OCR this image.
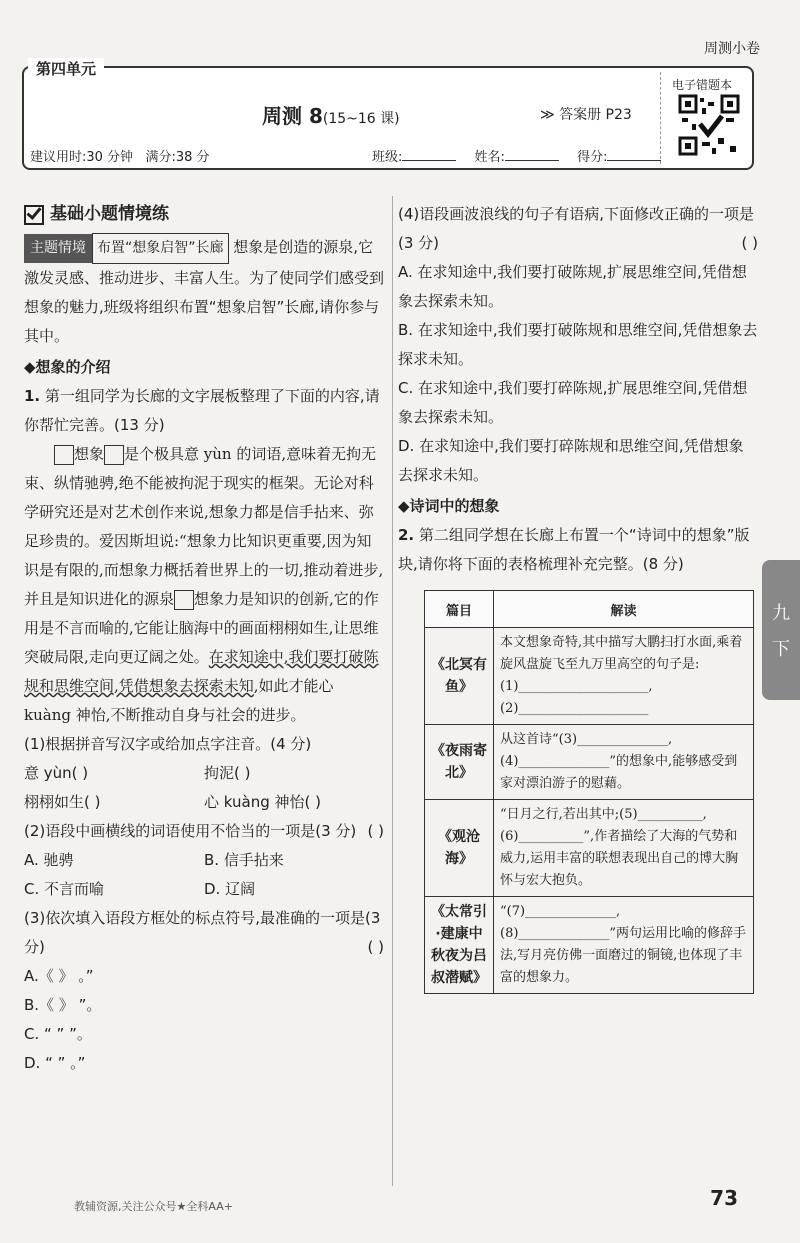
周测小卷
第四单元
周测 8(15~16 课)	≫ 答案册 P23
电子错题本
建议用时:30 分钟 满分:38 分	班级:	姓名:	得分:
基础小题情境练
主题情境 布置“想象启智”长廊 想象是创造的源泉,它激发灵感、推动进步、丰富人生。为了使同学们感受到想象的魅力,班级将组织布置“想象启智”长廊,请你参与其中。
◆想象的介绍
1. 第一组同学为长廊的文字展板整理了下面的内容,请你帮忙完善。(13 分)
想象 是个极具意 yùn 的词语,意味着无拘无束、纵情驰骋,绝不能被拘泥于现实的框架。无论对科学研究还是对艺术创作来说,想象力都是信手拈来、弥足珍贵的。爱因斯坦说:“想象力比知识更重要,因为知识是有限的,而想象力概括着世界上的一切,推动着进步,并且是知识进化的源泉 想象力是知识的创新,它的作用是不言而喻的,它能让脑海中的画面栩栩如生,让思维突破局限,走向更辽阔之处。在求知途中,我们要打破陈规和思维空间,凭借想象去探索未知,如此才能心 kuàng 神怡,不断推动自身与社会的进步。
(1)根据拼音写汉字或给加点字注音。(4 分)
意 yùn( )	拘泥( )
栩栩如生( )	心 kuàng 神怡( )
(2)语段中画横线的词语使用不恰当的一项是(3 分) ( )
A. 驰骋	B. 信手拈来
C. 不言而喻	D. 辽阔
(3)依次填入语段方框处的标点符号,最准确的一项是(3 分)	( )
A.《 》 。”
B.《 》 ”。
C. “ ” ”。
D. “ ” 。”
(4)语段画波浪线的句子有语病,下面修改正确的一项是(3 分)	( )
A. 在求知途中,我们要打破陈规,扩展思维空间,凭借想象去探索未知。
B. 在求知途中,我们要打破陈规和思维空间,凭借想象去探求未知。
C. 在求知途中,我们要打碎陈规,扩展思维空间,凭借想象去探索未知。
D. 在求知途中,我们要打碎陈规和思维空间,凭借想象去探求未知。
◆诗词中的想象
2. 第二组同学想在长廊上布置一个“诗词中的想象”版块,请你将下面的表格梳理补充完整。(8 分)
篇目	解读
《北冥有鱼》	本文想象奇特,其中描写大鹏扫打水面,乘着旋风盘旋飞至九万里高空的句子是:(1)____________________,(2)____________________
《夜雨寄北》	从这首诗“(3)______________,(4)______________”的想象中,能够感受到家对漂泊游子的慰藉。
《观沧海》	“日月之行,若出其中;(5)__________,(6)__________”,作者描绘了大海的气势和威力,运用丰富的联想表现出自己的博大胸怀与宏大抱负。
《太常引·建康中秋夜为吕叔潜赋》	“(7)______________,(8)______________”两句运用比喻的修辞手法,写月亮仿佛一面磨过的铜镜,也体现了丰富的想象力。
九
下
教辅资源,关注公众号★全科AA+	73
